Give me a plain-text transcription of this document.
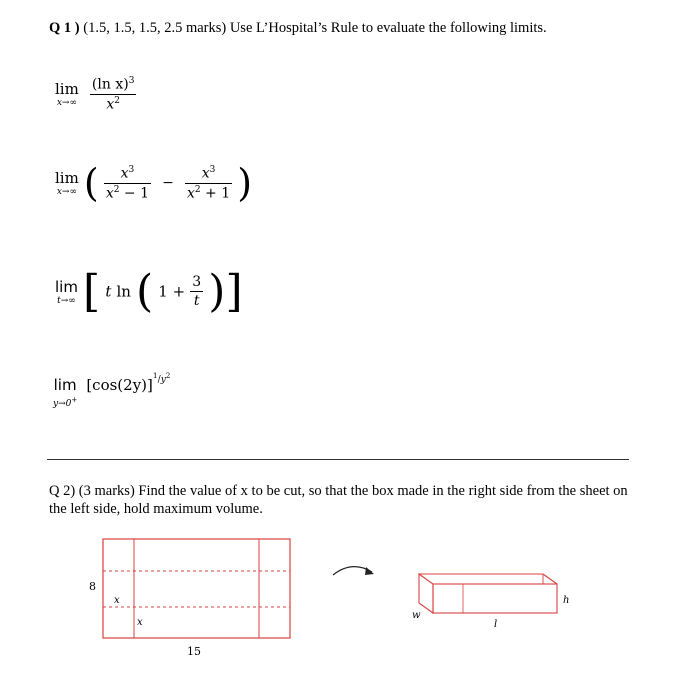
Q 1 ) (1.5, 1.5, 1.5, 2.5 marks) Use L’Hospital’s Rule to evaluate the following limits.
lim
x→∞
$\frac{(\ln x)^3}{x^2}$
lim
x→∞ ( $\frac{x^3}{x^2 - 1} - \frac{x^3}{x^2 + 1}$ )
lim
t→∞ [ t ln ( $1 + \frac{3}{t}$ )]
lim
y→0+
$[\cos(2y)]^{^1/y^2}$
Q 2) (3 marks) Find the value of x to be cut, so that the box made in the right side from the sheet on the left side, hold maximum volume.
8
x
x
15
h
w
l
